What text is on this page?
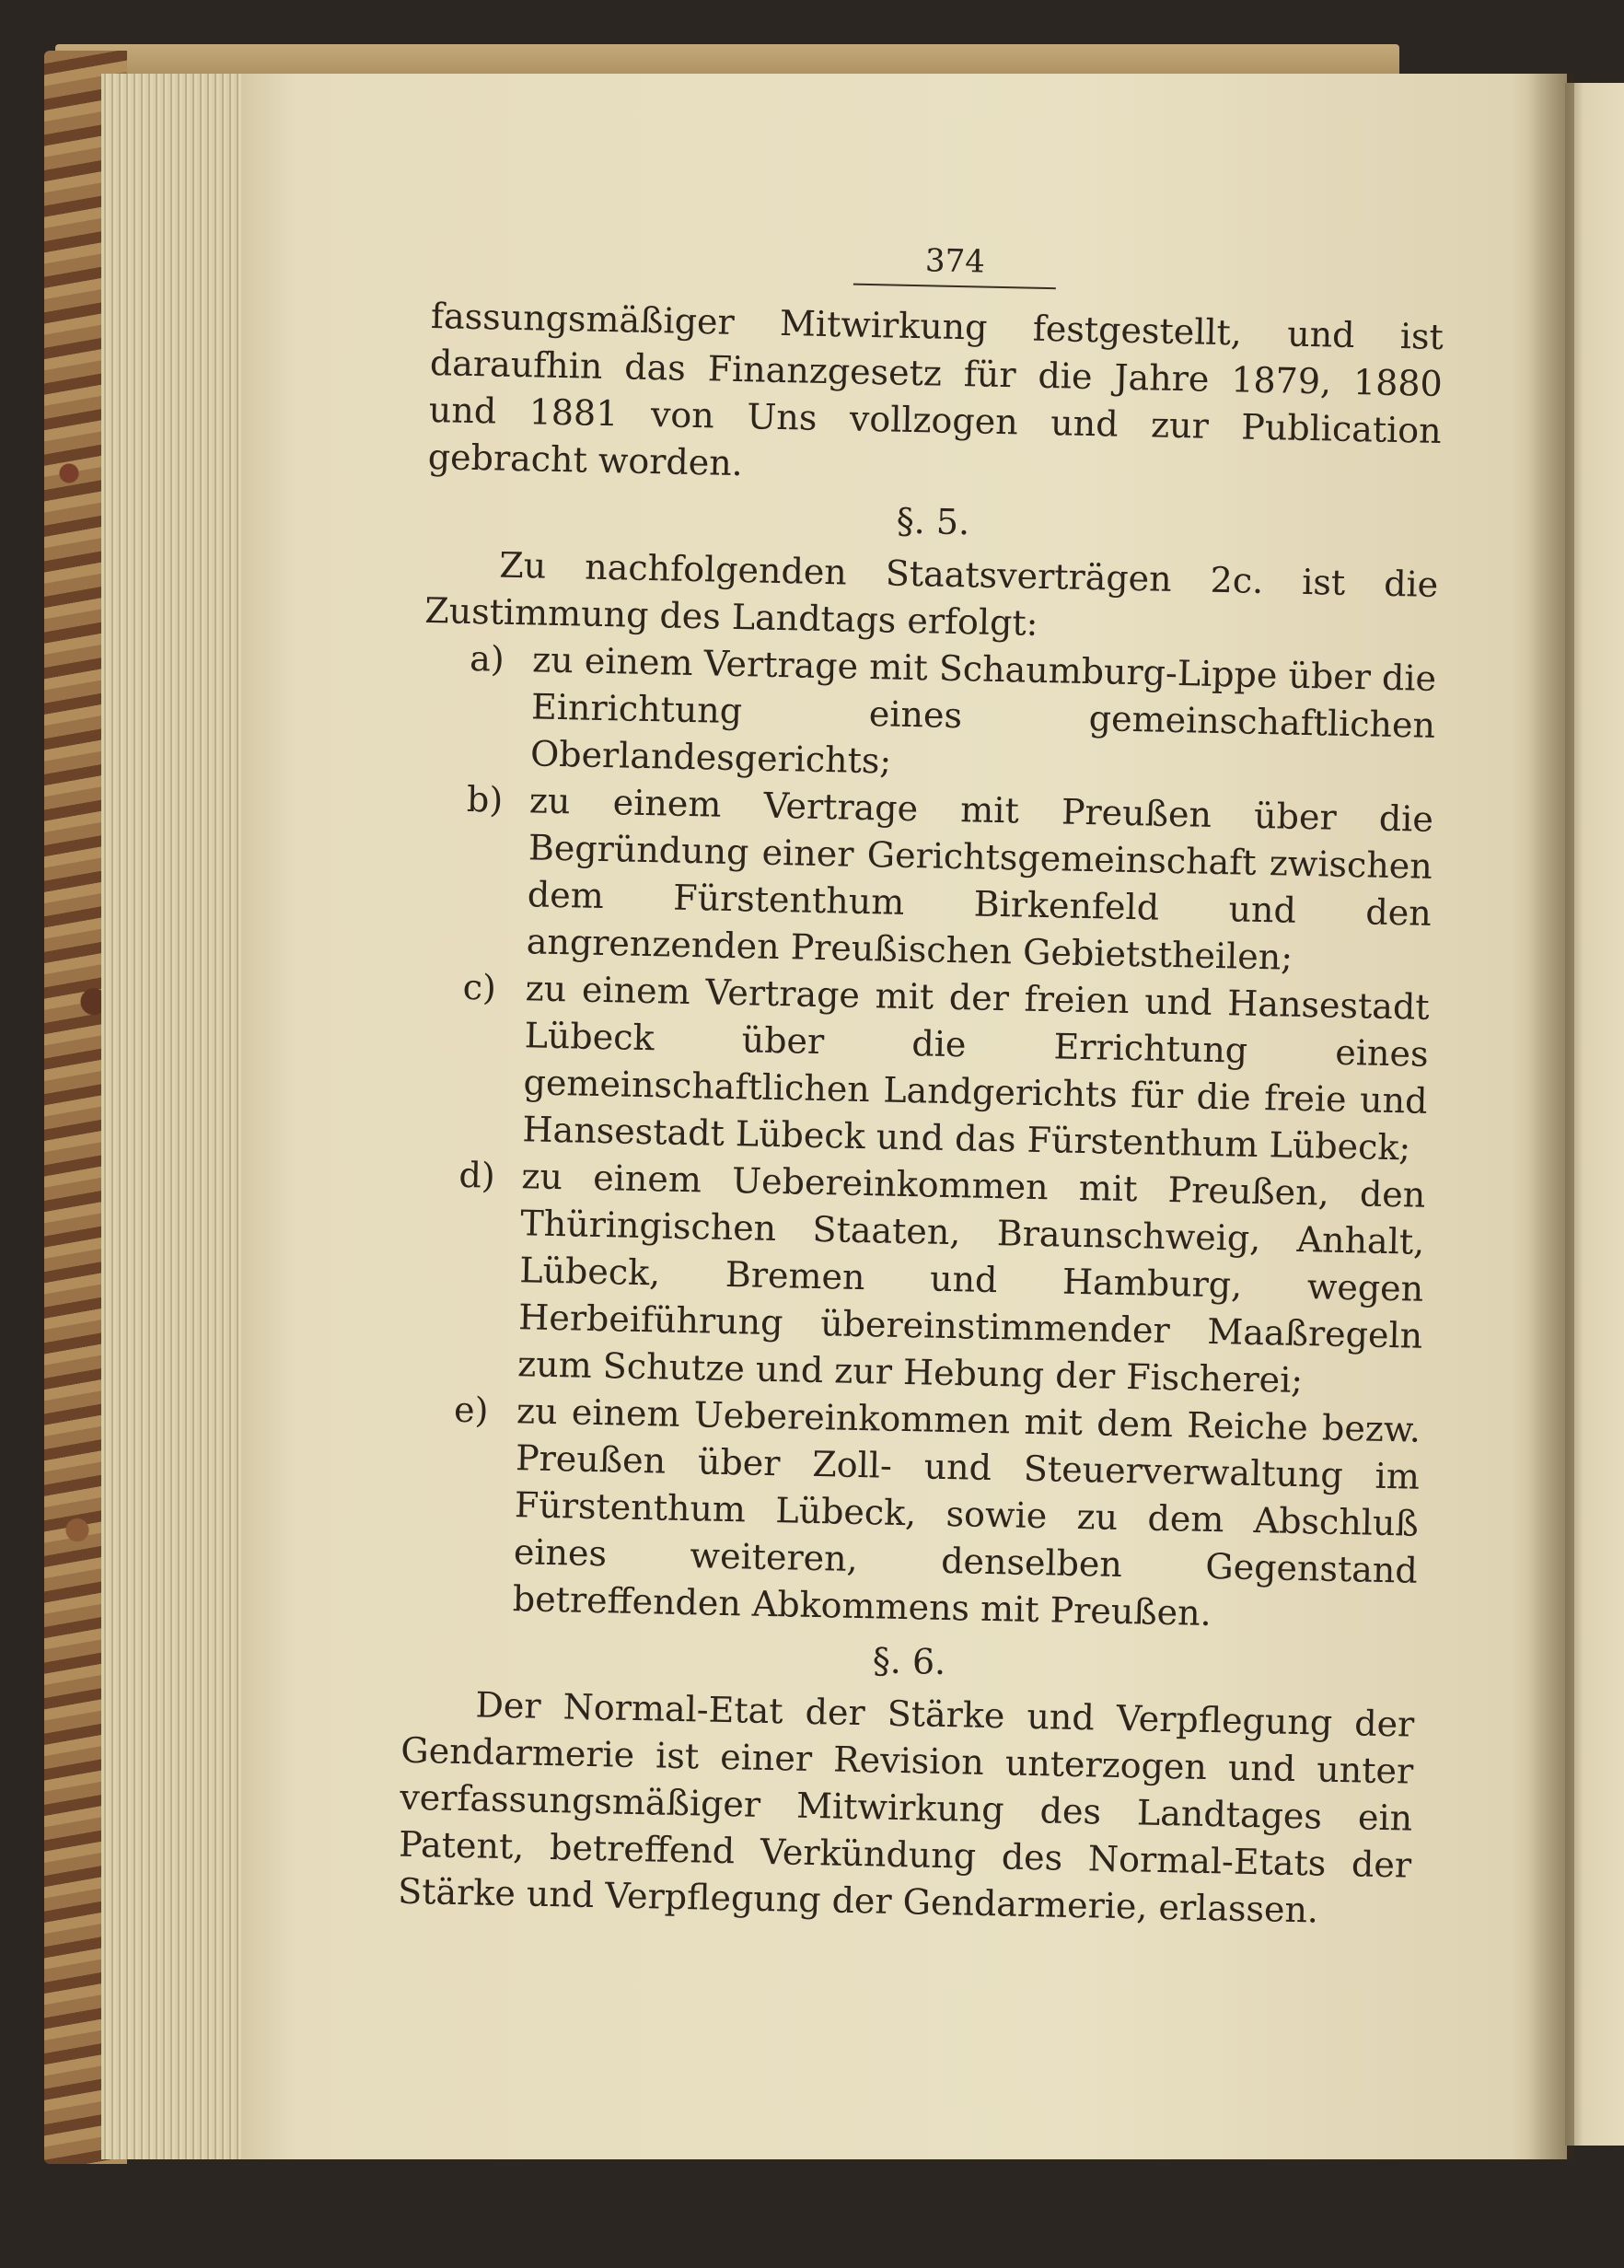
374

fassungsmäßiger Mitwirkung festgestellt, und ist daraufhin das Finanzgesetz für die Jahre 1879, 1880 und 1881 von Uns vollzogen und zur Publication gebracht worden.

§. 5.

Zu nachfolgenden Staatsverträgen 2c. ist die Zustimmung des Landtags erfolgt:

a) zu einem Vertrage mit Schaumburg-Lippe über die Einrichtung eines gemeinschaftlichen Oberlandesgerichts;
b) zu einem Vertrage mit Preußen über die Begründung einer Gerichtsgemeinschaft zwischen dem Fürstenthum Birkenfeld und den angrenzenden Preußischen Gebietstheilen;
c) zu einem Vertrage mit der freien und Hansestadt Lübeck über die Errichtung eines gemeinschaftlichen Landgerichts für die freie und Hansestadt Lübeck und das Fürstenthum Lübeck;
d) zu einem Uebereinkommen mit Preußen, den Thüringischen Staaten, Braunschweig, Anhalt, Lübeck, Bremen und Hamburg, wegen Herbeiführung übereinstimmender Maaßregeln zum Schutze und zur Hebung der Fischerei;
e) zu einem Uebereinkommen mit dem Reiche bezw. Preußen über Zoll- und Steuerverwaltung im Fürstenthum Lübeck, sowie zu dem Abschluß eines weiteren, denselben Gegenstand betreffenden Abkommens mit Preußen.
§. 6.

Der Normal-Etat der Stärke und Verpflegung der Gendarmerie ist einer Revision unterzogen und unter verfassungsmäßiger Mitwirkung des Landtages ein Patent, betreffend Verkündung des Normal-Etats der Stärke und Verpflegung der Gendarmerie, erlassen.
